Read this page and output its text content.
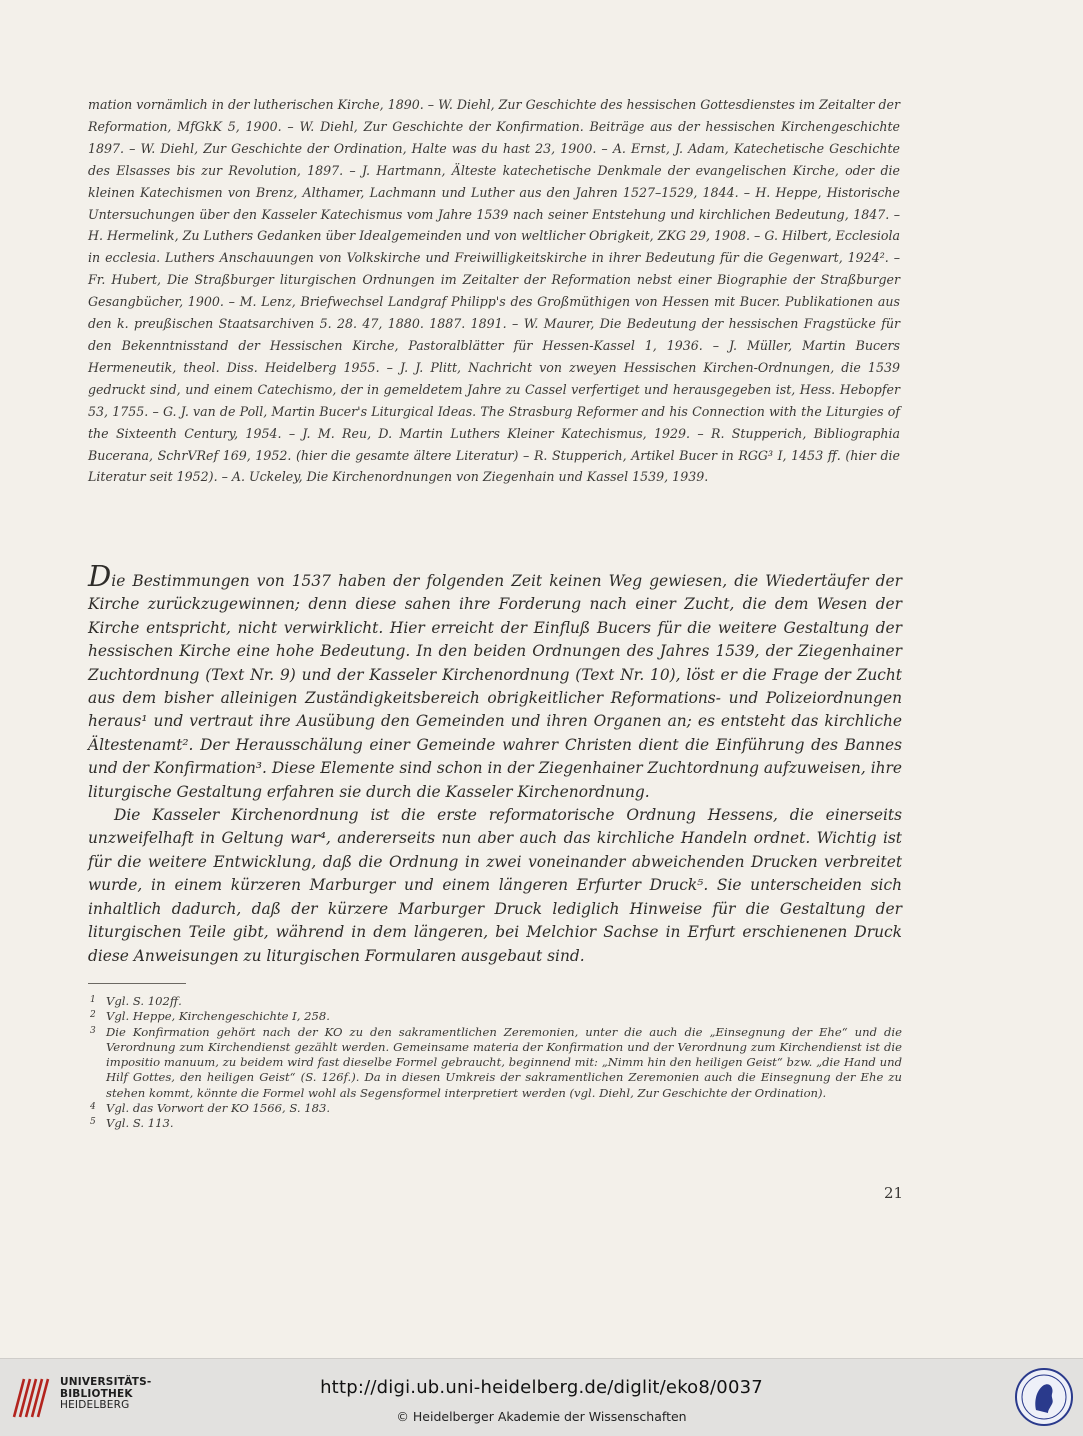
mation vornämlich in der lutherischen Kirche, 1890. – W. Diehl, Zur Geschichte des hessischen Gottesdienstes im Zeitalter der Reformation, MfGkK 5, 1900. – W. Diehl, Zur Geschichte der Konfirmation. Beiträge aus der hessischen Kirchengeschichte 1897. – W. Diehl, Zur Geschichte der Ordination, Halte was du hast 23, 1900. – A. Ernst, J. Adam, Katechetische Geschichte des Elsasses bis zur Revolution, 1897. – J. Hartmann, Älteste katechetische Denkmale der evangelischen Kirche, oder die kleinen Katechismen von Brenz, Althamer, Lachmann und Luther aus den Jahren 1527–1529, 1844. – H. Heppe, Historische Untersuchungen über den Kasseler Katechismus vom Jahre 1539 nach seiner Entstehung und kirchlichen Bedeutung, 1847. – H. Hermelink, Zu Luthers Gedanken über Idealgemeinden und von weltlicher Obrigkeit, ZKG 29, 1908. – G. Hilbert, Ecclesiola in ecclesia. Luthers Anschauungen von Volkskirche und Freiwilligkeitskirche in ihrer Bedeutung für die Gegenwart, 1924². – Fr. Hubert, Die Straßburger liturgischen Ordnungen im Zeitalter der Reformation nebst einer Biographie der Straßburger Gesangbücher, 1900. – M. Lenz, Briefwechsel Landgraf Philipp's des Großmüthigen von Hessen mit Bucer. Publikationen aus den k. preußischen Staatsarchiven 5. 28. 47, 1880. 1887. 1891. – W. Maurer, Die Bedeutung der hessischen Fragstücke für den Bekenntnisstand der Hessischen Kirche, Pastoralblätter für Hessen-Kassel 1, 1936. – J. Müller, Martin Bucers Hermeneutik, theol. Diss. Heidelberg 1955. – J. J. Plitt, Nachricht von zweyen Hessischen Kirchen-Ordnungen, die 1539 gedruckt sind, und einem Catechismo, der in gemeldetem Jahre zu Cassel verfertiget und herausgegeben ist, Hess. Hebopfer 53, 1755. – G. J. van de Poll, Martin Bucer's Liturgical Ideas. The Strasburg Reformer and his Connection with the Liturgies of the Sixteenth Century, 1954. – J. M. Reu, D. Martin Luthers Kleiner Katechismus, 1929. – R. Stupperich, Bibliographia Bucerana, SchrVRef 169, 1952. (hier die gesamte ältere Literatur) – R. Stupperich, Artikel Bucer in RGG³ I, 1453 ff. (hier die Literatur seit 1952). – A. Uckeley, Die Kirchenordnungen von Ziegenhain und Kassel 1539, 1939.

Die Bestimmungen von 1537 haben der folgenden Zeit keinen Weg gewiesen, die Wiedertäufer der Kirche zurückzugewinnen; denn diese sahen ihre Forderung nach einer Zucht, die dem Wesen der Kirche entspricht, nicht verwirklicht. Hier erreicht der Einfluß Bucers für die weitere Gestaltung der hessischen Kirche eine hohe Bedeutung. In den beiden Ordnungen des Jahres 1539, der Ziegenhainer Zuchtordnung (Text Nr. 9) und der Kasseler Kirchenordnung (Text Nr. 10), löst er die Frage der Zucht aus dem bisher alleinigen Zuständigkeitsbereich obrigkeitlicher Reformations- und Polizeiordnungen heraus¹ und vertraut ihre Ausübung den Gemeinden und ihren Organen an; es entsteht das kirchliche Ältestenamt². Der Herausschälung einer Gemeinde wahrer Christen dient die Einführung des Bannes und der Konfirmation³. Diese Elemente sind schon in der Ziegenhainer Zuchtordnung aufzuweisen, ihre liturgische Gestaltung erfahren sie durch die Kasseler Kirchenordnung.

Die Kasseler Kirchenordnung ist die erste reformatorische Ordnung Hessens, die einerseits unzweifelhaft in Geltung war⁴, andererseits nun aber auch das kirchliche Handeln ordnet. Wichtig ist für die weitere Entwicklung, daß die Ordnung in zwei voneinander abweichenden Drucken verbreitet wurde, in einem kürzeren Marburger und einem längeren Erfurter Druck⁵. Sie unterscheiden sich inhaltlich dadurch, daß der kürzere Marburger Druck lediglich Hinweise für die Gestaltung der liturgischen Teile gibt, während in dem längeren, bei Melchior Sachse in Erfurt erschienenen Druck diese Anweisungen zu liturgischen Formularen ausgebaut sind.

1 Vgl. S. 102ff.
2 Vgl. Heppe, Kirchengeschichte I, 258.
3 Die Konfirmation gehört nach der KO zu den sakramentlichen Zeremonien, unter die auch die „Einsegnung der Ehe“ und die Verordnung zum Kirchendienst gezählt werden. Gemeinsame materia der Konfirmation und der Verordnung zum Kirchendienst ist die impositio manuum, zu beidem wird fast dieselbe Formel gebraucht, beginnend mit: „Nimm hin den heiligen Geist“ bzw. „die Hand und Hilf Gottes, den heiligen Geist“ (S. 126f.). Da in diesen Umkreis der sakramentlichen Zeremonien auch die Einsegnung der Ehe zu stehen kommt, könnte die Formel wohl als Segensformel interpretiert werden (vgl. Diehl, Zur Geschichte der Ordination).
4 Vgl. das Vorwort der KO 1566, S. 183.
5 Vgl. S. 113.
21
UNIVERSITÄTS-
BIBLIOTHEK
HEIDELBERG
http://digi.ub.uni-heidelberg.de/diglit/eko8/0037
© Heidelberger Akademie der Wissenschaften
